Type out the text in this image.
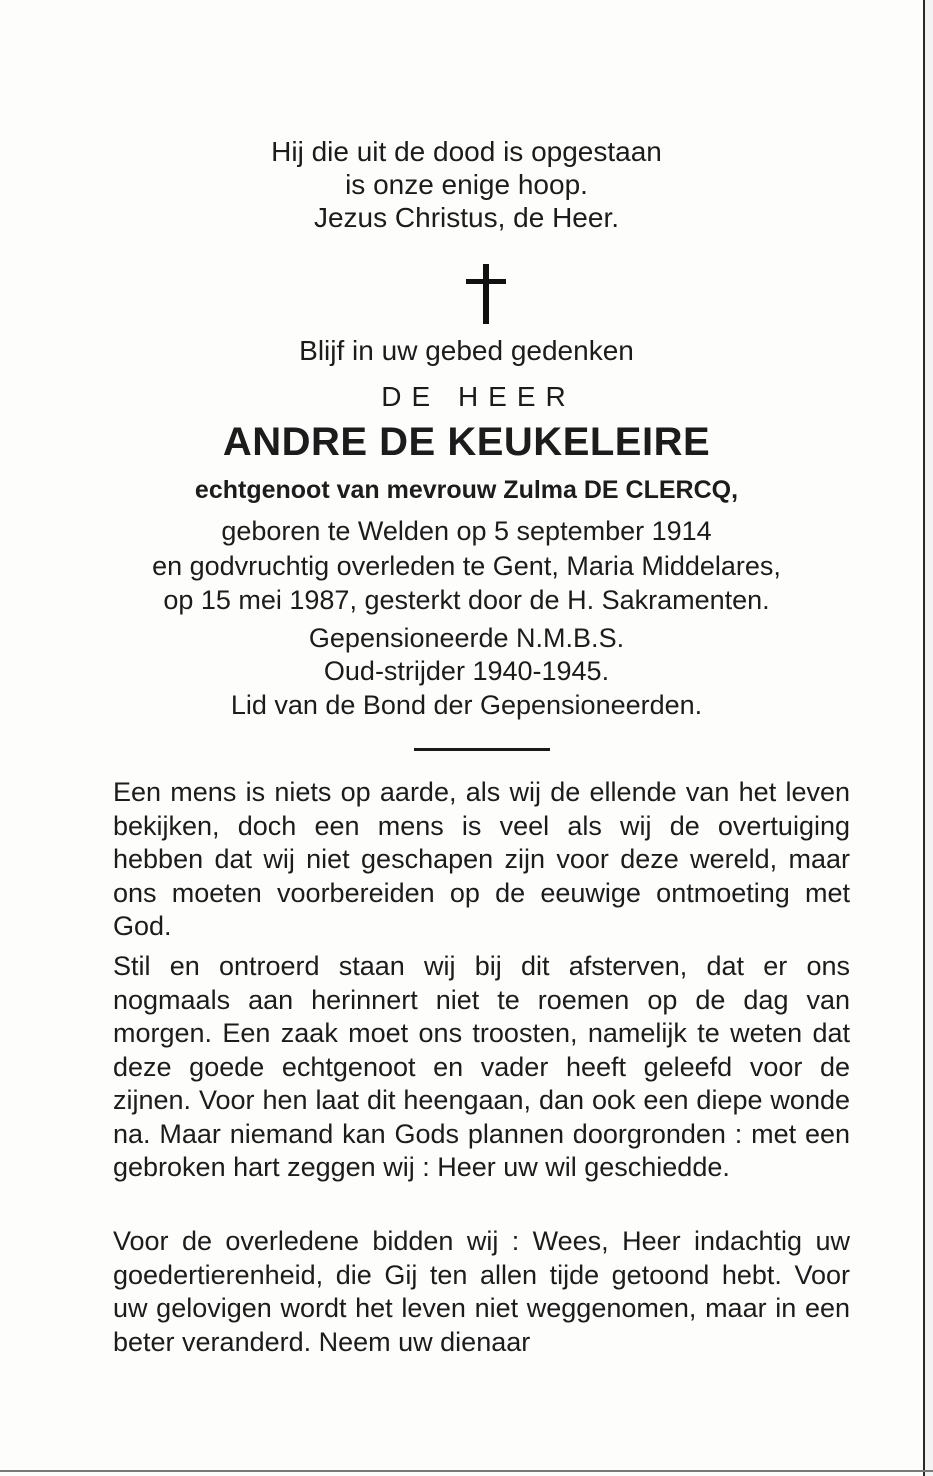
Hij die uit de dood is opgestaan
is onze enige hoop.
Jezus Christus, de Heer.
Blijf in uw gebed gedenken
DE HEER
ANDRE DE KEUKELEIRE
echtgenoot van mevrouw Zulma DE CLERCQ,
geboren te Welden op 5 september 1914
en godvruchtig overleden te Gent, Maria Middelares,
op 15 mei 1987, gesterkt door de H. Sakramenten.
Gepensioneerde N.M.B.S.
Oud-strijder 1940-1945.
Lid van de Bond der Gepensioneerden.
Een mens is niets op aarde, als wij de ellende van het leven bekijken, doch een mens is veel als wij de overtuiging hebben dat wij niet geschapen zijn voor deze wereld, maar ons moeten voorbereiden op de eeuwige ontmoeting met God.
Stil en ontroerd staan wij bij dit afsterven, dat er ons nogmaals aan herinnert niet te roemen op de dag van morgen. Een zaak moet ons troosten, namelijk te weten dat deze goede echtgenoot en vader heeft geleefd voor de zijnen. Voor hen laat dit heengaan, dan ook een diepe wonde na. Maar niemand kan Gods plannen doorgronden : met een gebroken hart zeggen wij : Heer uw wil geschiedde.
Voor de overledene bidden wij : Wees, Heer indachtig uw goedertierenheid, die Gij ten allen tijde getoond hebt. Voor uw gelovigen wordt het leven niet weggenomen, maar in een beter veranderd. Neem uw dienaar
